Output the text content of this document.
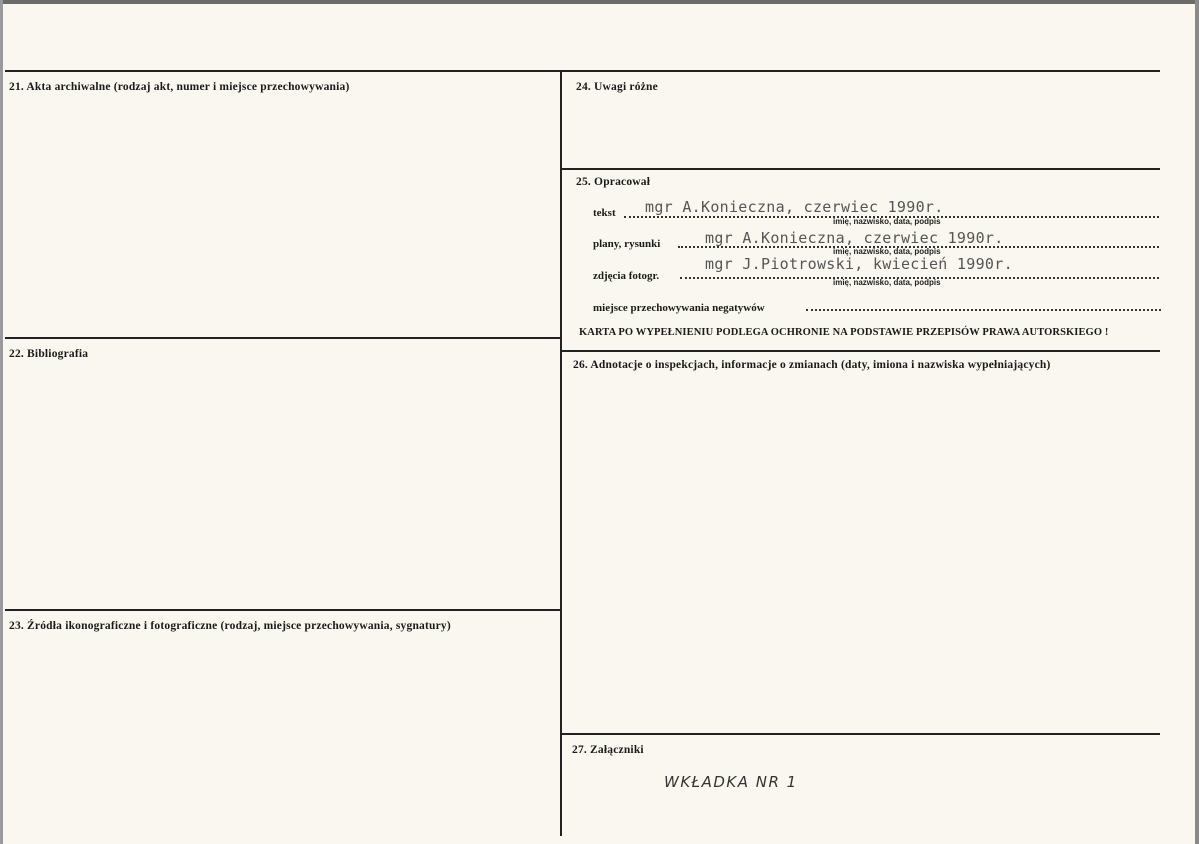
21. Akta archiwalne (rodzaj akt, numer i miejsce przechowywania)
22. Bibliografia
23. Źródła ikonograficzne i fotograficzne (rodzaj, miejsce przechowywania, sygnatury)
24. Uwagi różne
25. Opracował
26. Adnotacje o inspekcjach, informacje o zmianach (daty, imiona i nazwiska wypełniających)
27. Załączniki
tekst mgr A.Konieczna, czerwiec 1990r.
imię, nazwisko, data, podpis
plany, rysunki	mgr A.Konieczna, czerwiec 1990r.
imię, nazwisko, data, podpis
zdjęcia fotogr.
mgr J.Piotrowski, kwiecień 1990r.
imię, nazwisko, data, podpis
miejsce przechowywania negatywów
KARTA PO WYPEŁNIENIU PODLEGA OCHRONIE NA PODSTAWIE PRZEPISÓW PRAWA AUTORSKIEGO !
WKŁADKA NR 1
